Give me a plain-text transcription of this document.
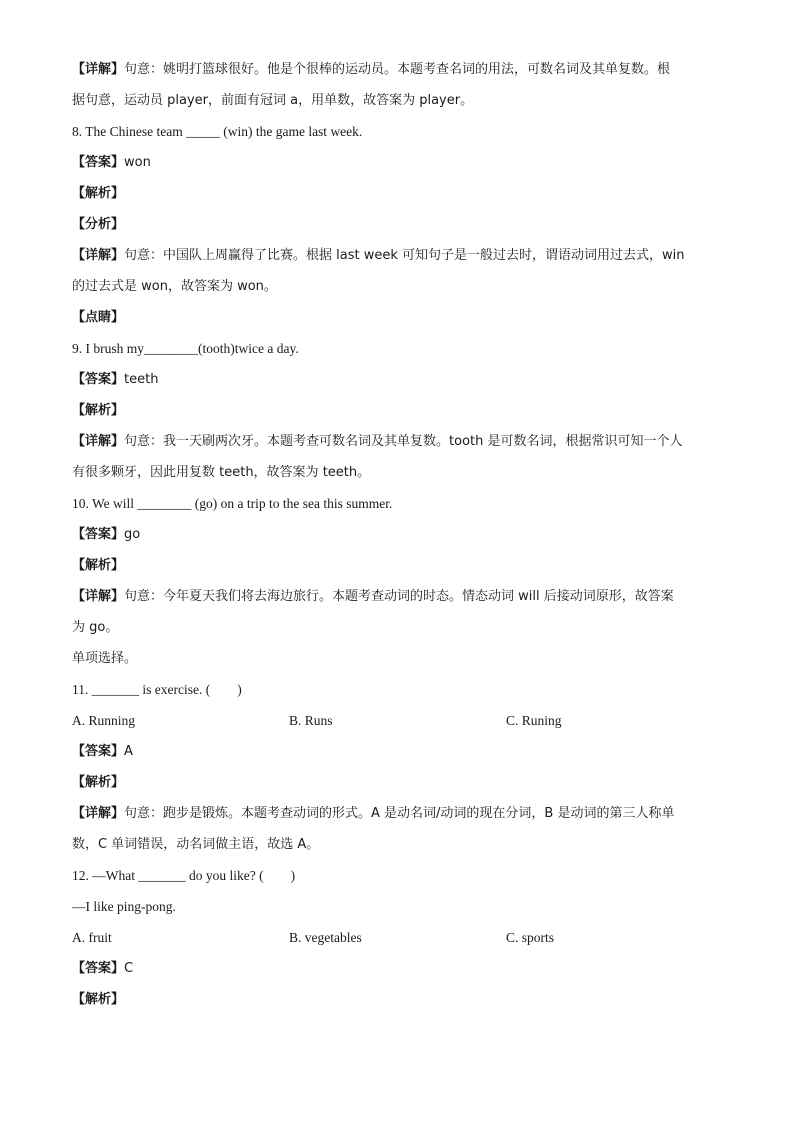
【详解】句意：姚明打篮球很好。他是个很棒的运动员。本题考查名词的用法，可数名词及其单复数。根
据句意，运动员 player，前面有冠词 a，用单数，故答案为 player。
8. The Chinese team _____ (win) the game last week.
【答案】won
【解析】
【分析】
【详解】句意：中国队上周赢得了比赛。根据 last week 可知句子是一般过去时，谓语动词用过去式，win
的过去式是 won，故答案为 won。
【点睛】
9. I brush my________(tooth)twice a day.
【答案】teeth
【解析】
【详解】句意：我一天刷两次牙。本题考查可数名词及其单复数。tooth 是可数名词，根据常识可知一个人
有很多颗牙，因此用复数 teeth，故答案为 teeth。
10. We will ________ (go) on a trip to the sea this summer.
【答案】go
【解析】
【详解】句意：今年夏天我们将去海边旅行。本题考查动词的时态。情态动词 will 后接动词原形，故答案
为 go。
单项选择。
11. _______ is exercise. (　　)
【答案】A
【解析】
【详解】句意：跑步是锻炼。本题考查动词的形式。A 是动名词/动词的现在分词，B 是动词的第三人称单
数，C 单词错误，动名词做主语，故选 A。
12. —What _______ do you like? (　　)
—I like ping-pong.
【答案】C
【解析】
A. Running	B. Runs	C. Runing
A. fruit	B. vegetables	C. sports
